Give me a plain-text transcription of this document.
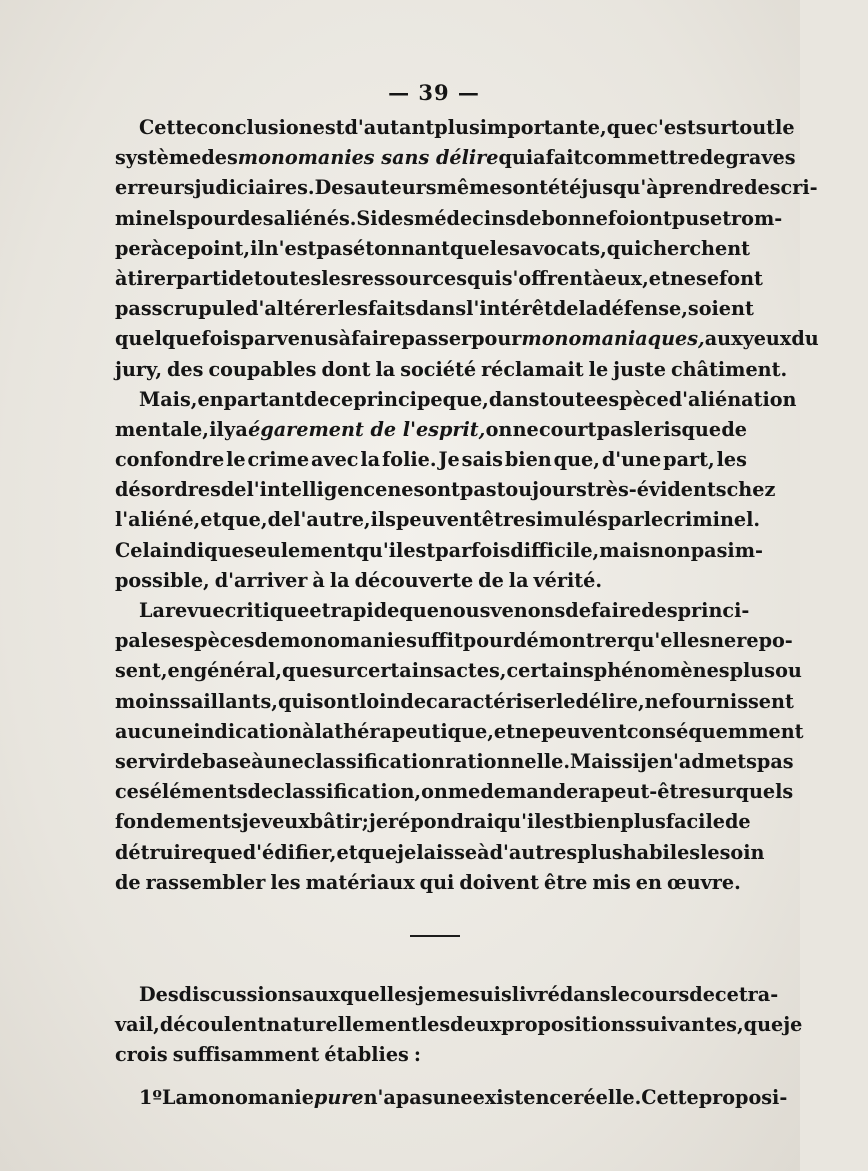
— 39 —
Cette conclusion est d'autant plus importante, que c'est surtout le
système des monomanies sans délire qui a fait commettre de graves
erreurs judiciaires. Des auteurs mêmes ont été jusqu'à prendre des cri-
minels pour des aliénés. Si des médecins de bonne foi ont pu se trom-
per à ce point, il n'est pas étonnant que les avocats, qui cherchent
à tirer parti de toutes les ressources qui s'offrent à eux, et ne se font
pas scrupule d'altérer les faits dans l'intérêt de la défense, soient
quelquefois parvenus à faire passer pour monomaniaques, aux yeux du
jury, des coupables dont la société réclamait le juste châtiment.
Mais, en partant de ce principe que, dans toute espèce d'aliénation
mentale, il y a égarement de l'esprit, on ne court pas le risque de
confondre le crime avec la folie. Je sais bien que, d'une part, les
désordres de l'intelligence ne sont pas toujours très-évidents chez
l'aliéné, et que, de l'autre, ils peuvent être simulés par le criminel.
Cela indique seulement qu'il est parfois difficile, mais non pas im-
possible, d'arriver à la découverte de la vérité.
La revue critique et rapide que nous venons de faire des princi-
pales espèces de monomanie suffit pour démontrer qu'elles ne repo-
sent, en général, que sur certains actes, certains phénomènes plus ou
moins saillants, qui sont loin de caractériser le délire, ne fournissent
aucune indication à la thérapeutique, et ne peuvent conséquemment
servir de base à une classification rationnelle. Mais si je n'admets pas
ces éléments de classification, on me demandera peut-être sur quels
fondements je veux bâtir; je répondrai qu'il est bien plus facile de
détruire que d'édifier, et que je laisse à d'autres plus habiles le soin
de rassembler les matériaux qui doivent être mis en œuvre.
Des discussions auxquelles je me suis livré dans le cours de ce tra-
vail, découlent naturellement les deux propositions suivantes, que je
crois suffisamment établies :
1º La monomanie pure n'a pas une existence réelle. Cette proposi-
